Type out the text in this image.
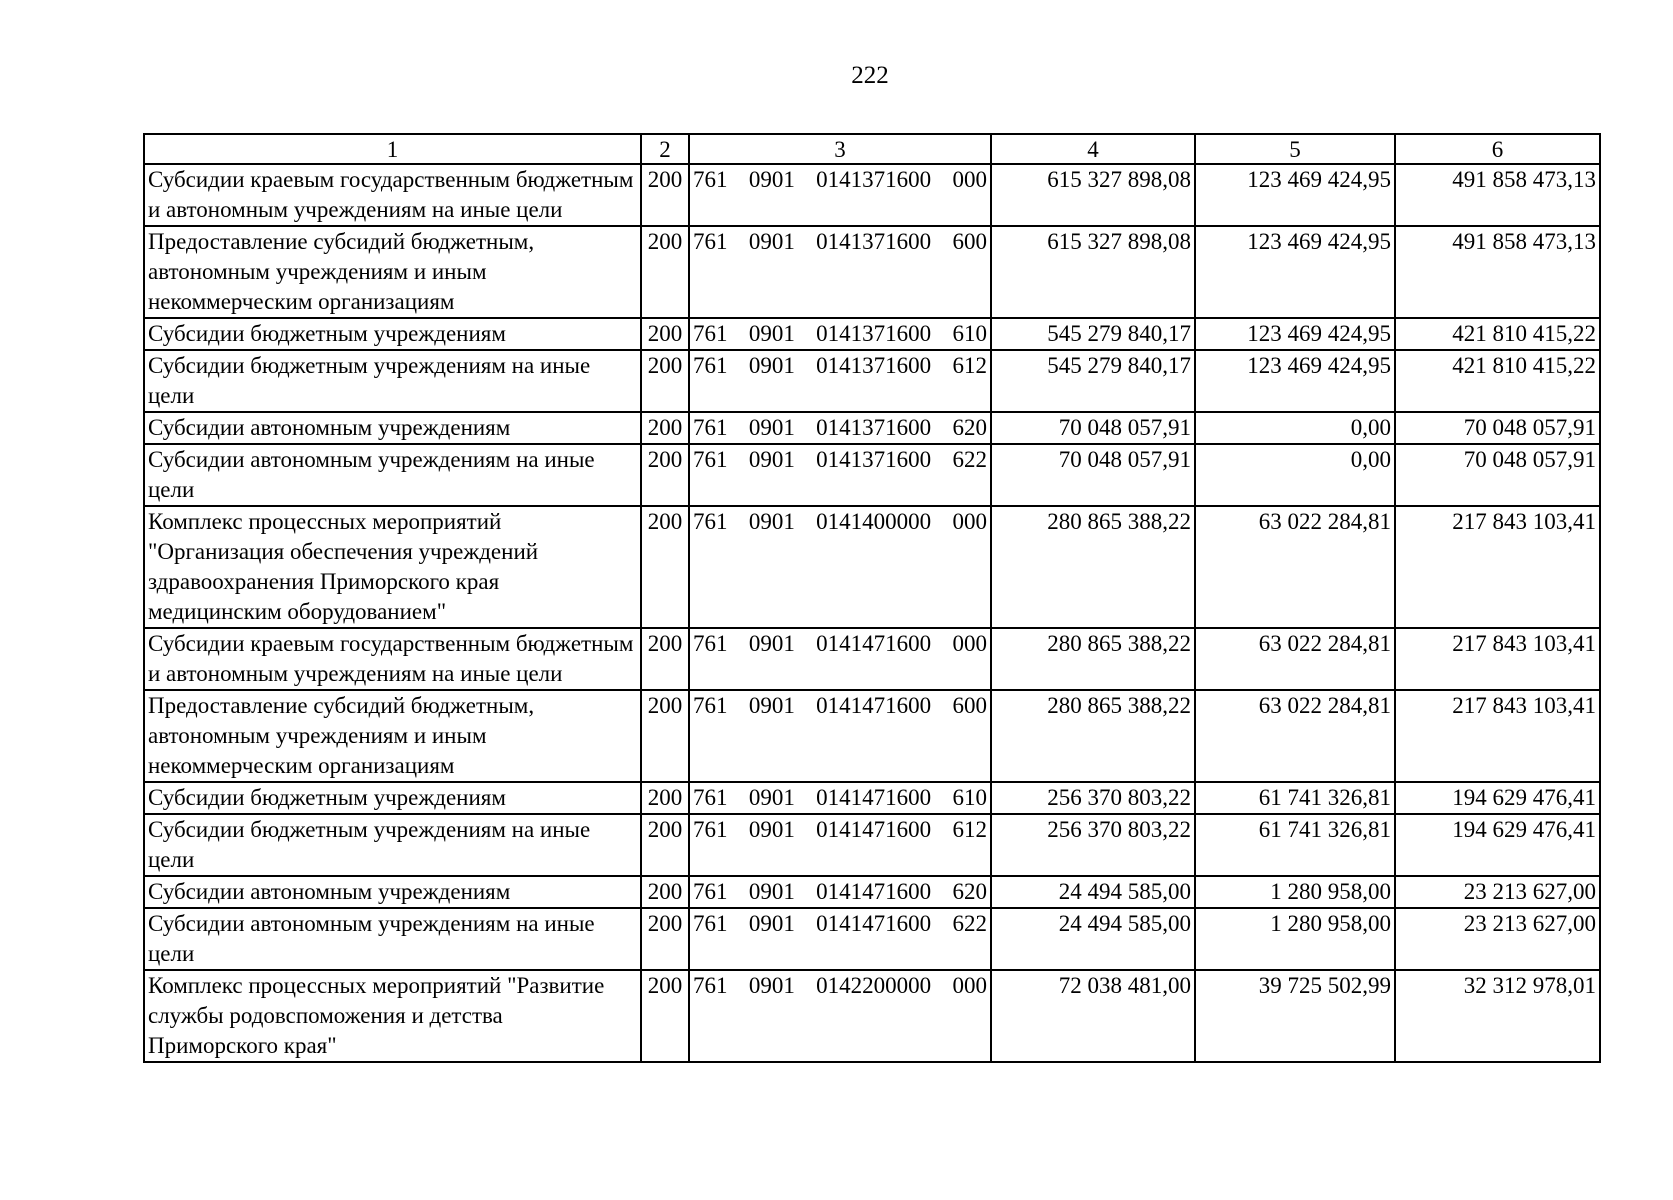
222
1	2	3	4	5	6
Субсидии краевым государственным бюджетным и автономным учреждениям на иные цели	200	761 0901 0141371600 000	615 327 898,08	123 469 424,95	491 858 473,13
Предоставление субсидий бюджетным, автономным учреждениям и иным некоммерческим организациям	200	761 0901 0141371600 600	615 327 898,08	123 469 424,95	491 858 473,13
Субсидии бюджетным учреждениям	200	761 0901 0141371600 610	545 279 840,17	123 469 424,95	421 810 415,22
Субсидии бюджетным учреждениям на иные цели	200	761 0901 0141371600 612	545 279 840,17	123 469 424,95	421 810 415,22
Субсидии автономным учреждениям	200	761 0901 0141371600 620	70 048 057,91	0,00	70 048 057,91
Субсидии автономным учреждениям на иные цели	200	761 0901 0141371600 622	70 048 057,91	0,00	70 048 057,91
Комплекс процессных мероприятий "Организация обеспечения учреждений здравоохранения Приморского края медицинским оборудованием"	200	761 0901 0141400000 000	280 865 388,22	63 022 284,81	217 843 103,41
Субсидии краевым государственным бюджетным и автономным учреждениям на иные цели	200	761 0901 0141471600 000	280 865 388,22	63 022 284,81	217 843 103,41
Предоставление субсидий бюджетным, автономным учреждениям и иным некоммерческим организациям	200	761 0901 0141471600 600	280 865 388,22	63 022 284,81	217 843 103,41
Субсидии бюджетным учреждениям	200	761 0901 0141471600 610	256 370 803,22	61 741 326,81	194 629 476,41
Субсидии бюджетным учреждениям на иные цели	200	761 0901 0141471600 612	256 370 803,22	61 741 326,81	194 629 476,41
Субсидии автономным учреждениям	200	761 0901 0141471600 620	24 494 585,00	1 280 958,00	23 213 627,00
Субсидии автономным учреждениям на иные цели	200	761 0901 0141471600 622	24 494 585,00	1 280 958,00	23 213 627,00
Комплекс процессных мероприятий "Развитие службы родовспоможения и детства Приморского края"	200	761 0901 0142200000 000	72 038 481,00	39 725 502,99	32 312 978,01
